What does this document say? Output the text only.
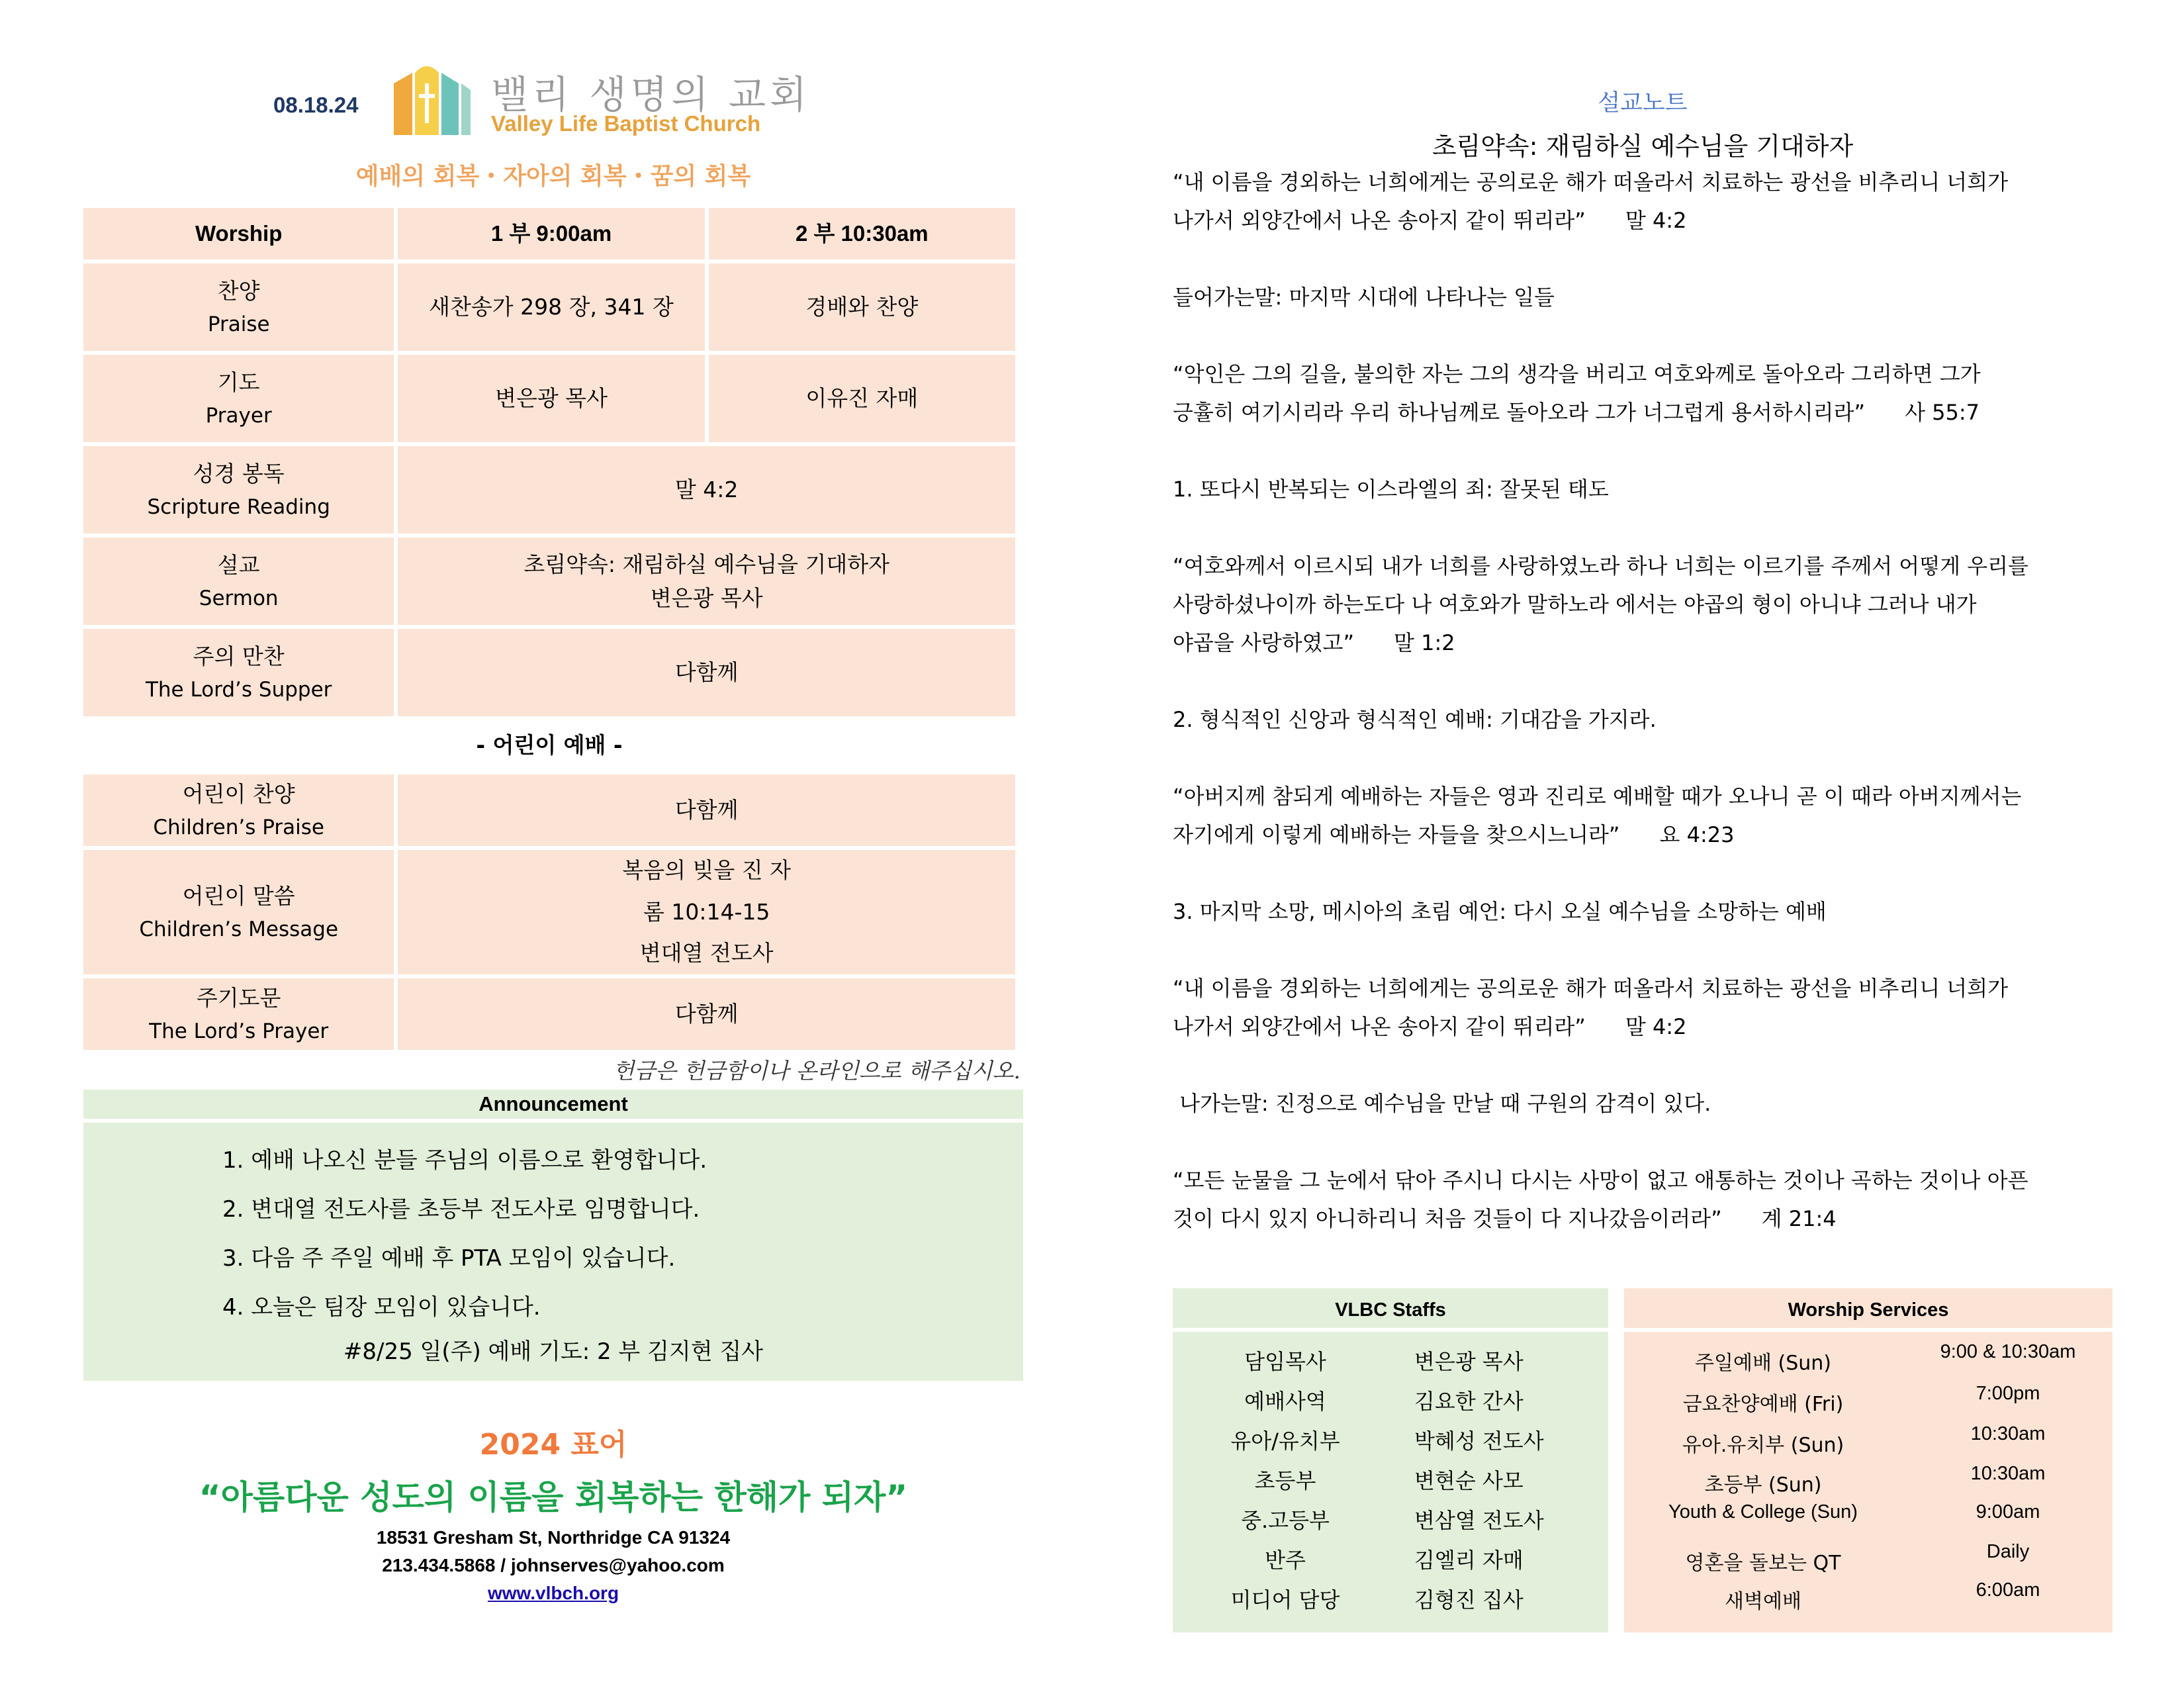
08.18.24	밸리 생명의 교회
Valley Life Baptist Church
예배의 회복・자아의 회복・꿈의 회복
Worship	1 부 9:00am	2 부 10:30am
찬양
Praise	새찬송가 298 장, 341 장	경배와 찬양
기도
Prayer	변은광 목사	이유진 자매
성경 봉독
Scripture Reading	말 4:2	
설교
Sermon	초림약속: 재림하실 예수님을 기대하자
변은광 목사	

주의 만찬
The Lord’s Supper	다함께	
- 어린이 예배 -		
어린이 찬양
Children’s Praise	다함께	
어린이 말씀
Children’s Message	복음의 빚을 진 자
롬 10:14-15
변대열 전도사	

주기도문
The Lord’s Prayer	다함께	
헌금은 헌금함이나 온라인으로 해주십시오.
Announcement
1. 예배 나오신 분들 주님의 이름으로 환영합니다.
2. 변대열 전도사를 초등부 전도사로 임명합니다.
3. 다음 주 주일 예배 후 PTA 모임이 있습니다.
4. 오늘은 팀장 모임이 있습니다.
#8/25 일(주) 예배 기도: 2 부 김지현 집사
2024 표어
“아름다운 성도의 이름을 회복하는 한해가 되자”
18531 Gresham St, Northridge CA 91324
213.434.5868 / johnserves@yahoo.com
www.vlbch.org
설교노트
초림약속: 재림하실 예수님을 기대하자
“내 이름을 경외하는 너희에게는 공의로운 해가 떠올라서 치료하는 광선을 비추리니 너희가
나가서 외양간에서 나온 송아지 같이 뛰리라” 말 4:2
들어가는말: 마지막 시대에 나타나는 일들
“악인은 그의 길을, 불의한 자는 그의 생각을 버리고 여호와께로 돌아오라 그리하면 그가
긍휼히 여기시리라 우리 하나님께로 돌아오라 그가 너그럽게 용서하시리라” 사 55:7
1. 또다시 반복되는 이스라엘의 죄: 잘못된 태도
“여호와께서 이르시되 내가 너희를 사랑하였노라 하나 너희는 이르기를 주께서 어떻게 우리를
사랑하셨나이까 하는도다 나 여호와가 말하노라 에서는 야곱의 형이 아니냐 그러나 내가
야곱을 사랑하였고” 말 1:2
2. 형식적인 신앙과 형식적인 예배: 기대감을 가지라.
“아버지께 참되게 예배하는 자들은 영과 진리로 예배할 때가 오나니 곧 이 때라 아버지께서는
자기에게 이렇게 예배하는 자들을 찾으시느니라” 요 4:23
3. 마지막 소망, 메시아의 초림 예언: 다시 오실 예수님을 소망하는 예배
“내 이름을 경외하는 너희에게는 공의로운 해가 떠올라서 치료하는 광선을 비추리니 너희가
나가서 외양간에서 나온 송아지 같이 뛰리라” 말 4:2
나가는말: 진정으로 예수님을 만날 때 구원의 감격이 있다.
“모든 눈물을 그 눈에서 닦아 주시니 다시는 사망이 없고 애통하는 것이나 곡하는 것이나 아픈
것이 다시 있지 아니하리니 처음 것들이 다 지나갔음이러라” 계 21:4
VLBC Staffs
담임목사	변은광 목사
예배사역	김요한 간사
유아/유치부	박혜성 전도사
초등부	변현순 사모
중.고등부	변삼열 전도사
반주	김엘리 자매
미디어 담당	김형진 집사
Worship Services
주일예배 (Sun)	9:00 & 10:30am
금요찬양예배 (Fri)	7:00pm
유아.유치부 (Sun)	10:30am
초등부 (Sun)	10:30am
Youth & College (Sun)	9:00am
영혼을 돌보는 QT	Daily
새벽예배	6:00am
